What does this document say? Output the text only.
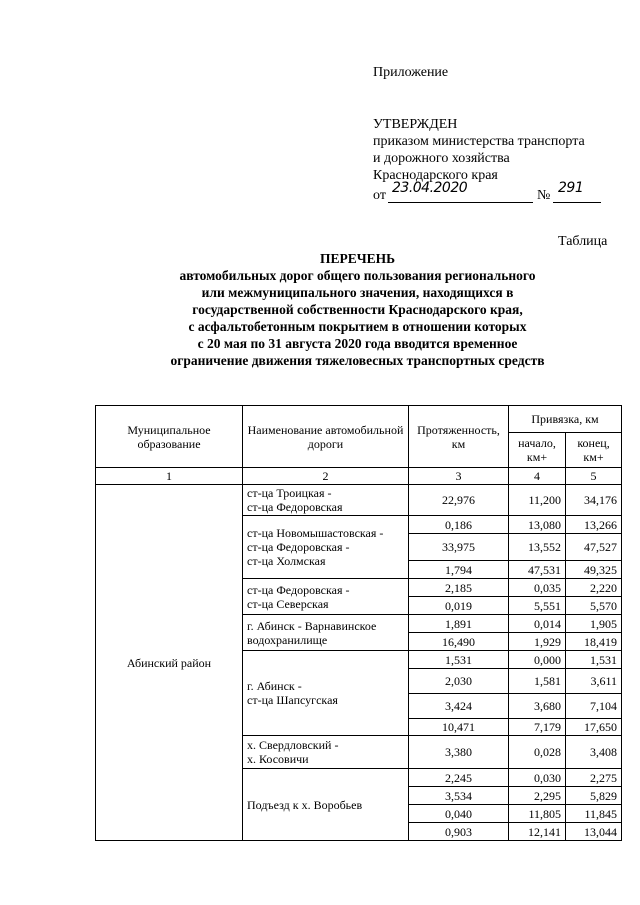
Приложение
УТВЕРЖДЕН
приказом министерства транспорта
и дорожного хозяйства
Краснодарского края
от 23.04.2020	№ 291
Таблица
ПЕРЕЧЕНЬ
автомобильных дорог общего пользования регионального
или межмуниципального значения, находящихся в
государственной собственности Краснодарского края,
с асфальтобетонным покрытием в отношении которых
с 20 мая по 31 августа 2020 года вводится временное
ограничение движения тяжеловесных транспортных средств
Муниципальное образование	Наименование автомобильной дороги	Протяженность, км	Привязка, км	
			начало, км+	конец, км+
1	2	3	4	5
Абинский район	ст-ца Троицкая -
ст-ца Федоровская	22,976	11,200	34,176

	ст-ца Новомышастовская -
ст-ца Федоровская -
ст-ца Холмская	0,186	13,080	13,266
		33,975	13,552	47,527
		1,794	47,531	49,325

	ст-ца Федоровская -
ст-ца Северская	2,185	0,035	2,220
		0,019	5,551	5,570

	г. Абинск - Варнавинское
водохранилище	1,891	0,014	1,905
		16,490	1,929	18,419

	г. Абинск -
ст-ца Шапсугская	1,531	0,000	1,531
		2,030	1,581	3,611
		3,424	3,680	7,104
		10,471	7,179	17,650

	х. Свердловский -
х. Косовичи	3,380	0,028	3,408

	Подъезд к х. Воробьев	2,245	0,030	2,275
		3,534	2,295	5,829
		0,040	11,805	11,845
		0,903	12,141	13,044
